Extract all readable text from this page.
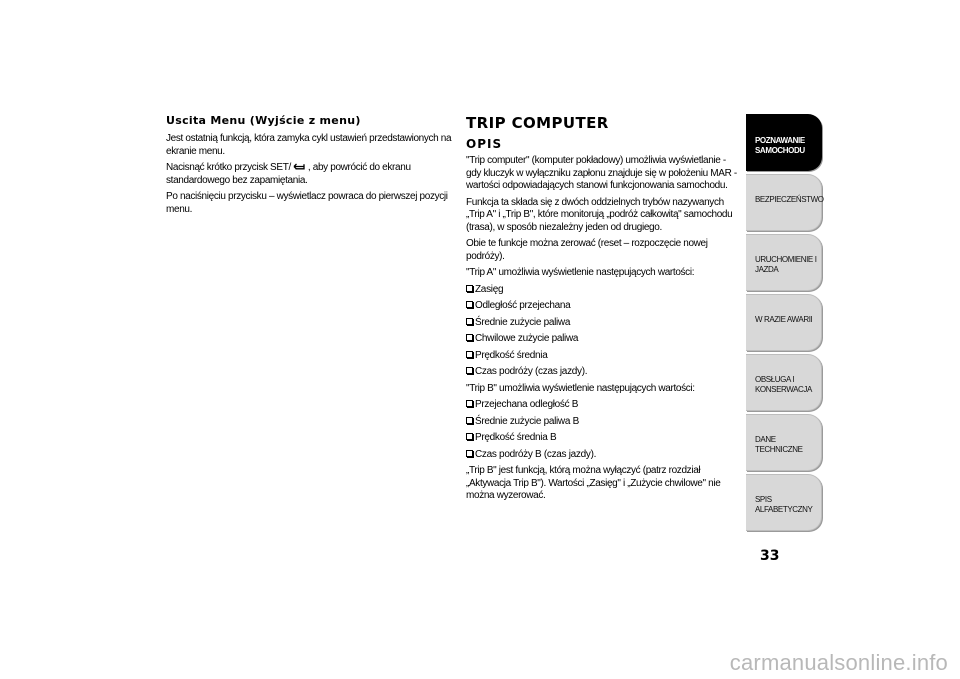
Uscita Menu (Wyjście z menu)

Jest ostatnią funkcją, która zamyka cykl ustawień przedstawionych na ekranie menu.

Nacisnąć krótko przycisk SET/ , aby powrócić do ekranu standardowego bez zapamiętania.

Po naciśnięciu przycisku – wyświetlacz powraca do pierwszej pozycji menu.

TRIP COMPUTER
OPIS

"Trip computer" (komputer pokładowy) umożliwia wyświetlanie - gdy kluczyk w wyłączniku zapłonu znajduje się w położeniu MAR - wartości odpowiadających stanowi funkcjonowania samochodu.

Funkcja ta składa się z dwóch oddzielnych trybów nazywanych „Trip A" i „Trip B", które monitorują „podróż całkowitą" samochodu (trasa), w sposób niezależny jeden od drugiego.

Obie te funkcje można zerować (reset – rozpoczęcie nowej podróży).

"Trip A" umożliwia wyświetlenie następujących wartości:

Zasięg
Odległość przejechana
Średnie zużycie paliwa
Chwilowe zużycie paliwa
Prędkość średnia
Czas podróży (czas jazdy).

"Trip B" umożliwia wyświetlenie następujących wartości:

Przejechana odległość B
Średnie zużycie paliwa B
Prędkość średnia B
Czas podróży B (czas jazdy).

„Trip B" jest funkcją, którą można wyłączyć (patrz rozdział „Aktywacja Trip B"). Wartości „Zasięg" i „Zużycie chwilowe" nie można wyzerować.

POZNAWANIE SAMOCHODU
BEZPIECZEŃSTWO
URUCHOMIENIE I JAZDA
W RAZIE AWARII
OBSŁUGA I KONSERWACJA
DANE TECHNICZNE
SPIS ALFABETYCZNY
33
carmanualsonline.info
